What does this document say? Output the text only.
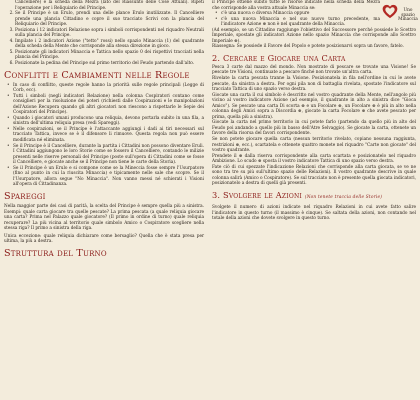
Cancelliere) e la scheda della Mezra (lato del Riassunto delle Cose Attuali). Ripeti l'operazione per i Reliquiario del Principe.
2. Se il Principe è un Erulo, prendi una delle plance Erulo inutilizzate. Il Cancelliere prende una plancia Cittadino e copre il suo tracciato Scrivi con la plancia del Reliquiario del Principe.
3. Posiziona i 12 indicatori Relazione sopra i simboli corrispondenti nel riquadro Neutrali sulla plancia del Principe.
4. Impilate i 2 indicatori Azione ("tetto" rossi) nello spazio Minaccia (1) del quadrante della scheda della Mente che corrisponde alla stessa direzione in gioco.
5. Posizionate gli indicatori Minaccia e Tattica nello spazio 0 dei rispettivi tracciati nella plancia del Principe.
6. Posizionate la pedina del Principe sul primo territorio del Feudo partendo dall'alto.
Conflitti e Cambiamenti nelle Regole
• In caso di conflitto, queste regole hanno la priorità sulle regole principali (Legge di Corb, ecc).
• Tutti i simboli (negli indicatori Relazione) nella colonna Cospiratori contano come consiglieri per la risoluzione dei poteri (richiesti dalle Cospirazioni e le manipolazioni dell'Azione Recupera quando gli altri giocatori non riescono a rispettarle le Sepie dei Cospiratori del Principe).
• Quando i giocatori umani producono una reliquia, devono portarla subito in una fila, a sinistra dell'ultima reliquia presa (vedi Spareggi).
• Nelle cospirazioni, se il Principe è l'attaccante aggiungi i dadi ai tiri necessari sul tracciato Tattica, invece se è il difensore li rimuove. Questa regola non può essere modificata né eliminata.
• Se il Principe è il Cancelliere, durante la partita i Cittadini non possono diventare Eruli. I Cittadini aggiungono le loro Storie come se fossero il Cancelliere, contando le milizie presenti nelle riserve personali del Principe (poste sull'opera di Cittadini come se fosse il Cancelliere, e giocate anche se il Principe non tiene le carte della Storia).
• Se il Principe è un Erulo e si compone come se la Mineccia fosse sempre l'Usurpatore (fino al punto in cui la riuscita Minaccia) e tipicamente nelle sale che scopre. Se il l'Usurpatore, allora segue "No Minaccia". Non vanno messi né schierati i Visioni all'opera di Cittadinanza.
Spareggi

Nella maggior parte dei casi di parità, la scelta del Principe è sempre quella più a sinistra. Esempi: quale carta giocare tra quelle pescate? La prima pescata (a quale reliquia giocare una carta? Prima nel Palazzo quale giocatore? (Il primo in ordine di turno) quale reliquia recuperare? La più vicina al territorio quale simbolo Amico o Cospiratore scegliere nella stessa riga? Il primo a sinistra della riga.

Unica eccezione: quale reliquia dichiarare come bersaglio? Quella che è stata presa per ultima, la più a destra.

Struttura del Turno
Uno spazio Minaccia

il Principe ottiene subito tutte le risorse indicate nella scheda della Mezra che corrisponde alla vostra attuale Minaccia se:

• c'è una nuova o diversa Minaccia oppure
• c'è una nuova Minaccia e nel suo nuovo turno precedente, ma l'indicatore Azione ⊕ non è nel quadrante della Minaccia.

(Ad esempio, se un Cittadino raggiunge l'obiettivo del Successore perché possiede lo Scettro Imperiale, spostate gli indicatori Azione nello spazio Minaccia che corrisponde allo Scettro Imperiale ⊕).

Riassegna: Se possiede il Favore del Popolo e potete posizionarvi sopra un favore, fatelo.

2. Cercare e Giocare una Carta

Pesca 3 carte dal mazzo del mondo. Non mostrate di pescare se trovate una Visione! Se pescate tre Visioni, continuate a pescare finché non trovate un'altra carta.

Rivelate la carta pescata tranne la Visione. Posizionatela in fila nell'ordine in cui le avete pescate, da sinistra a destra. Per ogni pila non di battaglia rivelata, spostate l'indicatore sul tracciato Tattica di uno spazio verso destra.

Giocate una carta il cui simbolo è descritto nel vostro quadrante della Mente, nell'angolo più vicino al vostro indicatore Azione (ad esempio, il quadrante in alto a sinistra dice "Gioca Amico"). Se pescate una carta Di scorta ⊕ e un Focolare ⊕, un Focolare ⊕ è più in alto nella colonna degli Amici sopra a Discordia ⊕, giocate la carta Focolare ⊕ che avete pescato per prima, quella più a sinistra).

Giocate la carta nel primo territorio in cui potete farlo (partendo da quello più in alto del Feudo poi andando a quello più in basso dell'Atre Selvaggio). Se giocate la carta, ottenete un favore della risorsa del favori corrispondente.

Se non potete giocare quella carta (nessun territorio rivelato, copiano nessuna raggiunta, restrizioni ⊕, ecc.), scartatela e ottenete quattro monete nel riquadro "Carte non giocate" del vostro quadrante.

Prendete il ⊕ dalla riserva corrispondente alla carta scartata e posizionatelo nel riquadro Ambizione. Lo scudo ⊕ sposta il vostro indicatore Tattica di uno spazio verso destra.

Fate ciò di cui spezzate l'indicazione Relazioni che corrisponde alla carta giocata, se ve ne sono tra tre su più sull'ultimo spazio delle Relazioni). Il vostro quadrante descrive in quale colonna salirà (Amico o Cospiratore). Se sul tracciato non è presente quella giocata indicatori, posizionatelo a destra di quelli già presenti.

3. Svolgere le Azioni (Non tenete traccia delle Storie)

Svolgete il numero di azioni indicate nel riquadro Relazioni in cui avete fatto salire l'indicatore in questo turno (il massimo è cinque). Se saltata della azioni, non contando nel totale della azioni che dovete svolgere in questo turno.
